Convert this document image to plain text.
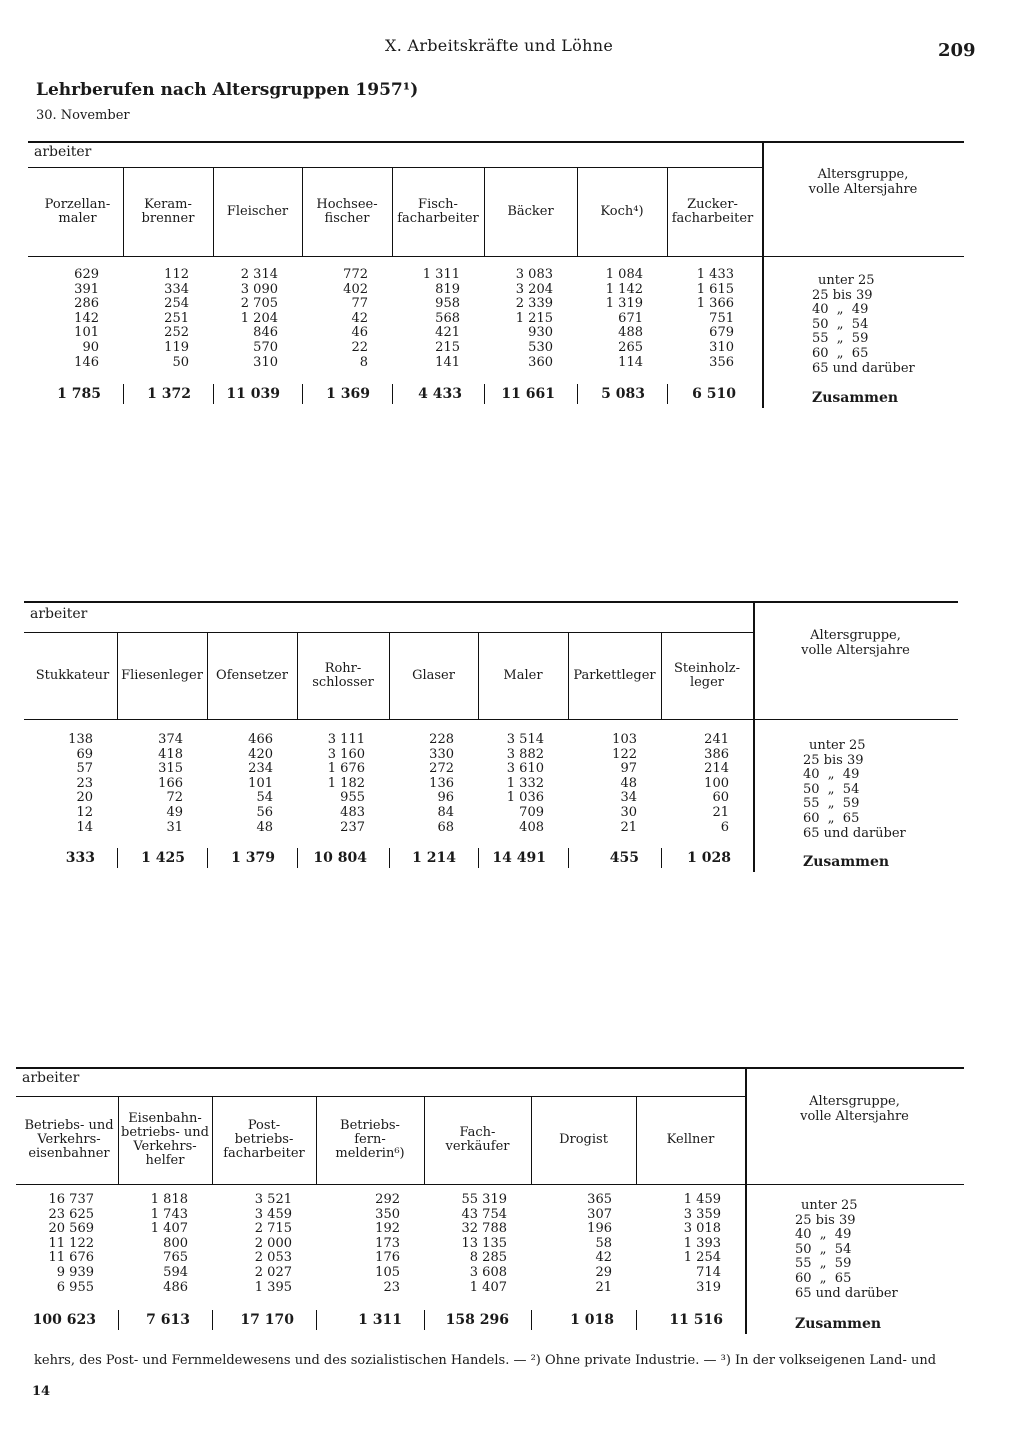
X. Arbeitskräfte und Löhne	209
Lehrberufen nach Altersgruppen 1957¹)
30. November
arbeiter
Porzellan-
maler
629
391
286
142
101
90
146
1 785
Keram-
brenner
112
334
254
251
252
119
50
1 372
Fleischer
2 314
3 090
2 705
1 204
846
570
310
11 039
Hochsee-
fischer
772
402
77
42
46
22
8
1 369
Fisch-
facharbeiter
1 311
819
958
568
421
215
141
4 433
Bäcker
3 083
3 204
2 339
1 215
930
530
360
11 661
Koch⁴)
1 084
1 142
1 319
671
488
265
114
5 083
Zucker-
facharbeiter
1 433
1 615
1 366
751
679
310
356
6 510
Altersgruppe,
volle Altersjahre
unter 25
25 bis 39
40  „  49
50  „  54
55  „  59
60  „  65
65 und darüber
Zusammen
arbeiter
Stukkateur
138
69
57
23
20
12
14
333
Fliesenleger
374
418
315
166
72
49
31
1 425
Ofensetzer
466
420
234
101
54
56
48
1 379
Rohr-
schlosser
3 111
3 160
1 676
1 182
955
483
237
10 804
Glaser
228
330
272
136
96
84
68
1 214
Maler
3 514
3 882
3 610
1 332
1 036
709
408
14 491
Parkettleger
103
122
97
48
34
30
21
455
Steinholz-
leger
241
386
214
100
60
21
6
1 028
Altersgruppe,
volle Altersjahre
unter 25
25 bis 39
40  „  49
50  „  54
55  „  59
60  „  65
65 und darüber
Zusammen
arbeiter
Betriebs- und
Verkehrs-
eisenbahner
16 737
23 625
20 569
11 122
11 676
9 939
6 955
100 623
Eisenbahn-
betriebs- und
Verkehrs-
helfer
1 818
1 743
1 407
800
765
594
486
7 613
Post-
betriebs-
facharbeiter
3 521
3 459
2 715
2 000
2 053
2 027
1 395
17 170
Betriebs-
fern-
melderin⁶)
292
350
192
173
176
105
23
1 311
Fach-
verkäufer
55 319
43 754
32 788
13 135
8 285
3 608
1 407
158 296
Drogist
365
307
196
58
42
29
21
1 018
Kellner
1 459
3 359
3 018
1 393
1 254
714
319
11 516
Altersgruppe,
volle Altersjahre
unter 25
25 bis 39
40  „  49
50  „  54
55  „  59
60  „  65
65 und darüber
Zusammen
kehrs, des Post- und Fernmeldewesens und des sozialistischen Handels. — ²) Ohne private Industrie. — ³) In der volkseigenen Land- und
14
